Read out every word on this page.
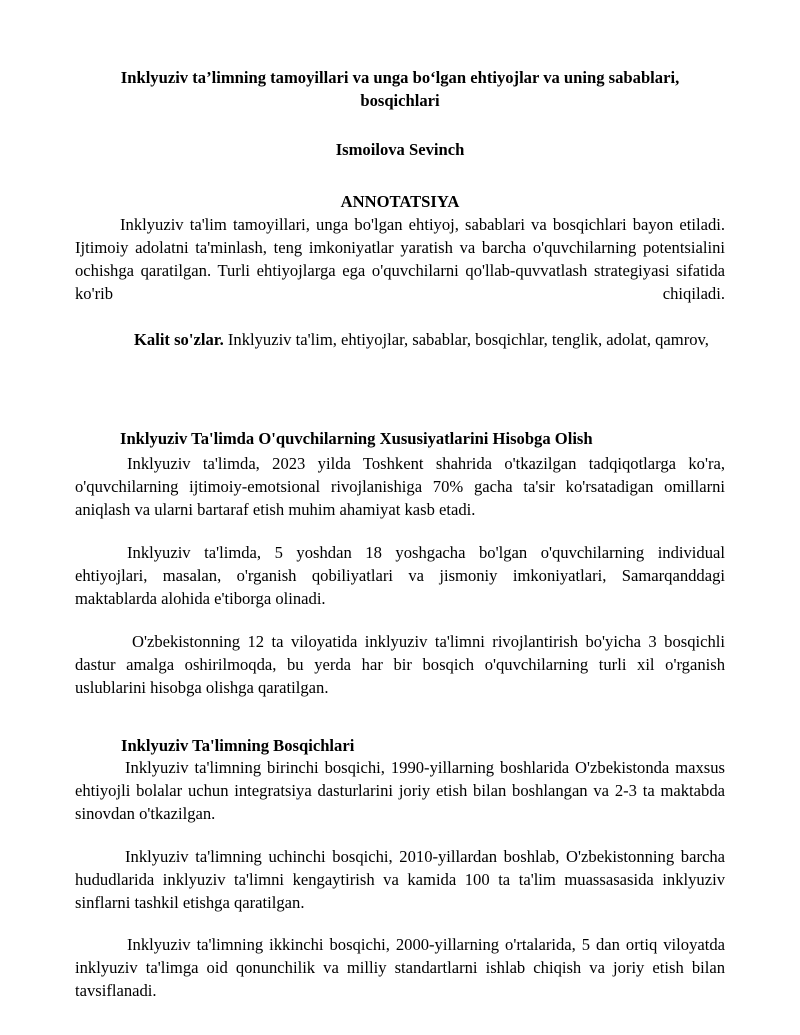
Inklyuziv ta’limning tamoyillari va unga bo‘lgan ehtiyojlar va uning sabablari,
bosqichlari

Ismoilova Sevinch

ANNOTATSIYA

Inklyuziv ta'lim tamoyillari, unga bo'lgan ehtiyoj, sabablari va bosqichlari bayon etiladi. Ijtimoiy adolatni ta'minlash, teng imkoniyatlar yaratish va barcha o'quvchilarning potentsialini ochishga qaratilgan. Turli ehtiyojlarga ega o'quvchilarni qo'llab-quvvatlash strategiyasi sifatida ko'rib chiqiladi.

Kalit so'zlar. Inklyuziv ta'lim, ehtiyojlar, sabablar, bosqichlar, tenglik, adolat, qamrov,

Inklyuziv Ta'limda O'quvchilarning Xususiyatlarini Hisobga Olish

Inklyuziv ta'limda, 2023 yilda Toshkent shahrida o'tkazilgan tadqiqotlarga ko'ra, o'quvchilarning ijtimoiy-emotsional rivojlanishiga 70% gacha ta'sir ko'rsatadigan omillarni aniqlash va ularni bartaraf etish muhim ahamiyat kasb etadi.

Inklyuziv ta'limda, 5 yoshdan 18 yoshgacha bo'lgan o'quvchilarning individual ehtiyojlari, masalan, o'rganish qobiliyatlari va jismoniy imkoniyatlari, Samarqanddagi maktablarda alohida e'tiborga olinadi.

O'zbekistonning 12 ta viloyatida inklyuziv ta'limni rivojlantirish bo'yicha 3 bosqichli dastur amalga oshirilmoqda, bu yerda har bir bosqich o'quvchilarning turli xil o'rganish uslublarini hisobga olishga qaratilgan.

Inklyuziv Ta'limning Bosqichlari

Inklyuziv ta'limning birinchi bosqichi, 1990-yillarning boshlarida O'zbekistonda maxsus ehtiyojli bolalar uchun integratsiya dasturlarini joriy etish bilan boshlangan va 2-3 ta maktabda sinovdan o'tkazilgan.

Inklyuziv ta'limning uchinchi bosqichi, 2010-yillardan boshlab, O'zbekistonning barcha hududlarida inklyuziv ta'limni kengaytirish va kamida 100 ta ta'lim muassasasida inklyuziv sinflarni tashkil etishga qaratilgan.

Inklyuziv ta'limning ikkinchi bosqichi, 2000-yillarning o'rtalarida, 5 dan ortiq viloyatda inklyuziv ta'limga oid qonunchilik va milliy standartlarni ishlab chiqish va joriy etish bilan tavsiflanadi.
